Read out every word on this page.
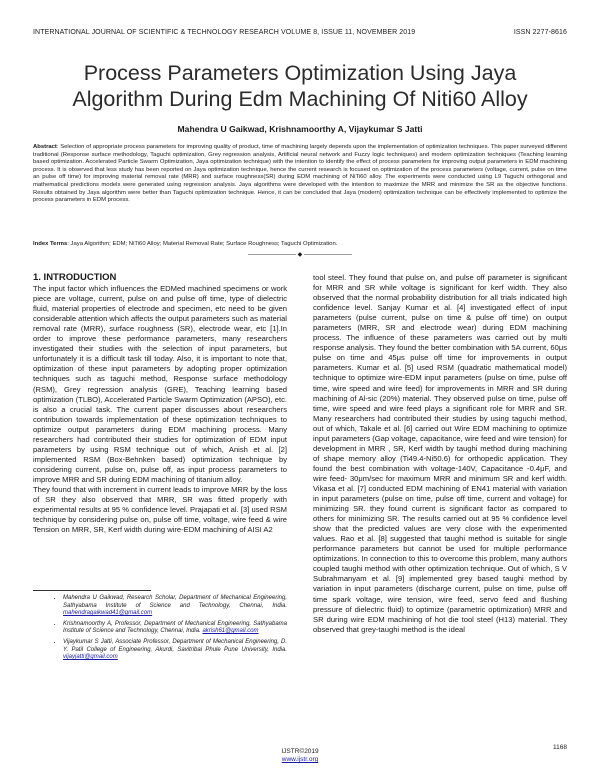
INTERNATIONAL JOURNAL OF SCIENTIFIC & TECHNOLOGY RESEARCH VOLUME 8, ISSUE 11, NOVEMBER 2019	ISSN 2277-8616
Process Parameters Optimization Using Jaya
Algorithm During Edm Machining Of Niti60 Alloy
Mahendra U Gaikwad, Krishnamoorthy A, Vijaykumar S Jatti
Abstract: Selection of appropriate process parameters for improving quality of product, time of machining largely depends upon the implementation of optimization techniques. This paper surveyed different traditional (Response surface methodology, Taguchi optimization, Grey regression analysis, Artificial neural network and Fuzzy logic techniques) and modern optimization techniques (Teaching learning based optimization. Accelerated Particle Swarm Optimization, Jaya optimization technique) with the intention to identify the effect of process parameters for improving output parameters in EDM machining process. It is observed that less study has been reported on Jaya optimization technique, hence the current research is focused on optimization of the process parameters (voltage, current, pulse on time an pulse off time) for improving material removal rate (MRR) and surface roughness(SR) during EDM machining of NiTi60 alloy. The experiments were conducted using L9 Taguchi orthogonal and mathematical predictions models were generated using regression analysis. Jaya algorithms were developed with the intention to maximize the MRR and minimize the SR as the objective functions. Results obtained by Jaya algorithm were better than Taguchi optimization technique. Hence, it can be concluded that Jaya (modern) optimization technique can be effectively implemented to optimize the process parameters in EDM process.
Index Terms: Jaya Algorithm; EDM; NiTi60 Alloy; Material Removal Rate; Surface Roughness; Taguchi Optimization.
———————— ◆ ————————
1. INTRODUCTION

The input factor which influences the EDMed machined specimens or work piece are voltage, current, pulse on and pulse off time, type of dielectric fluid, material properties of electrode and specimen, etc need to be given considerable attention which affects the output parameters such as material removal rate (MRR), surface roughness (SR), electrode wear, etc [1].In order to improve these performance parameters, many researchers investigated their studies with the selection of input parameters, but unfortunately it is a difficult task till today. Also, it is important to note that, optimization of these input parameters by adopting proper optimization techniques such as taguchi method, Response surface methodology (RSM), Grey regression analysis (GRE), Teaching learning based optimization (TLBO), Accelerated Particle Swarm Optimization (APSO), etc. is also a crucial task. The current paper discusses about researchers contribution towards implementation of these optimization techniques to optimize output parameters during EDM machining process. Many researchers had contributed their studies for optimization of EDM input parameters by using RSM technique out of which, Anish et al. [2] implemented RSM (Box-Behnken based) optimization technique by considering current, pulse on, pulse off, as input process parameters to improve MRR and SR during EDM machining of titanium alloy.

They found that with increment in current leads to improve MRR by the loss of SR they also observed that MRR, SR was fitted properly with experimental results at 95 % confidence level. Prajapati et al. [3] used RSM technique by considering pulse on, pulse off time, voltage, wire feed & wire Tension on MRR, SR, Kerf width during wire-EDM machining of AISI A2

• Mahendra U Gaikwad, Research Scholar, Department of Mechanical Engineering, Sathyabama Institute of Science and Technology, Chennai, India. mahendragaikwad41@gmail.com
• Krishnamoorthy A, Professor, Department of Mechanical Engineering, Sathyabama Institute of Science and Technology, Chennai, India. akrish61@gmail.com
• Vijaykumar S Jatti, Associate Professor, Department of Mechanical Engineering, D. Y. Patil College of Engineering, Akurdi, Savitribai Phule Pune University, India. vijayjatti@gmail.com

tool steel. They found that pulse on, and pulse off parameter is significant for MRR and SR while voltage is significant for kerf width. They also observed that the normal probability distribution for all trials indicated high confidence level. Sanjay Kumar et al. [4] investigated effect of input parameters (pulse current, pulse on time & pulse off time) on output parameters (MRR, SR and electrode wear) during EDM machining process. The influence of these parameters was carried out by multi response analysis. They found the better combination with 5A current, 60μs pulse on time and 45μs pulse off time for improvements in output parameters. Kumar et al. [5] used RSM (quadratic mathematical model) technique to optimize wire-EDM input parameters (pulse on time, pulse off time, wire speed and wire feed) for improvements in MRR and SR during machining of Al-sic (20%) material. They observed pulse on time, pulse off time, wire speed and wire feed plays a significant role for MRR and SR. Many researchers had contributed their studies by using taguchi method, out of which, Takale et al. [6] carried out Wire EDM machining to optimize input parameters (Gap voltage, capacitance, wire feed and wire tension) for development in MRR , SR, Kerf width by taughi method during machining of shape memory alloy (Ti49.4-Ni50.6) for orthopedic application. They found the best combination with voltage-140V, Capacitance -0.4μF, and wire feed- 30μm/sec for maximum MRR and minimum SR and kerf width. Vikasa et al. [7] conducted EDM machining of EN41 material with variation in input parameters (pulse on time, pulse off time, current and voltage) for minimizing SR. they found current is significant factor as compared to others for minimizing SR. The results carried out at 95 % confidence level show that the predicted values are very close with the experimented values. Rao et al. [8] suggested that taughi method is suitable for single performance parameters but cannot be used for multiple performance optimizations. In connection to this to overcome this problem, many authors coupled taughi method with other optimization technique. Out of which, S V Subrahmanyam et al. [9] implemented grey based taughi method by variation in input parameters (discharge current, pulse on time, pulse off time spark voltage, wire tension, wire feed, servo feed and flushing pressure of dielectric fluid) to optimize (parametric optimization) MRR and SR during wire EDM machining of hot die tool steel (H13) material. They observed that grey-taughi method is the ideal

1168
IJSTR©2019
www.ijstr.org
